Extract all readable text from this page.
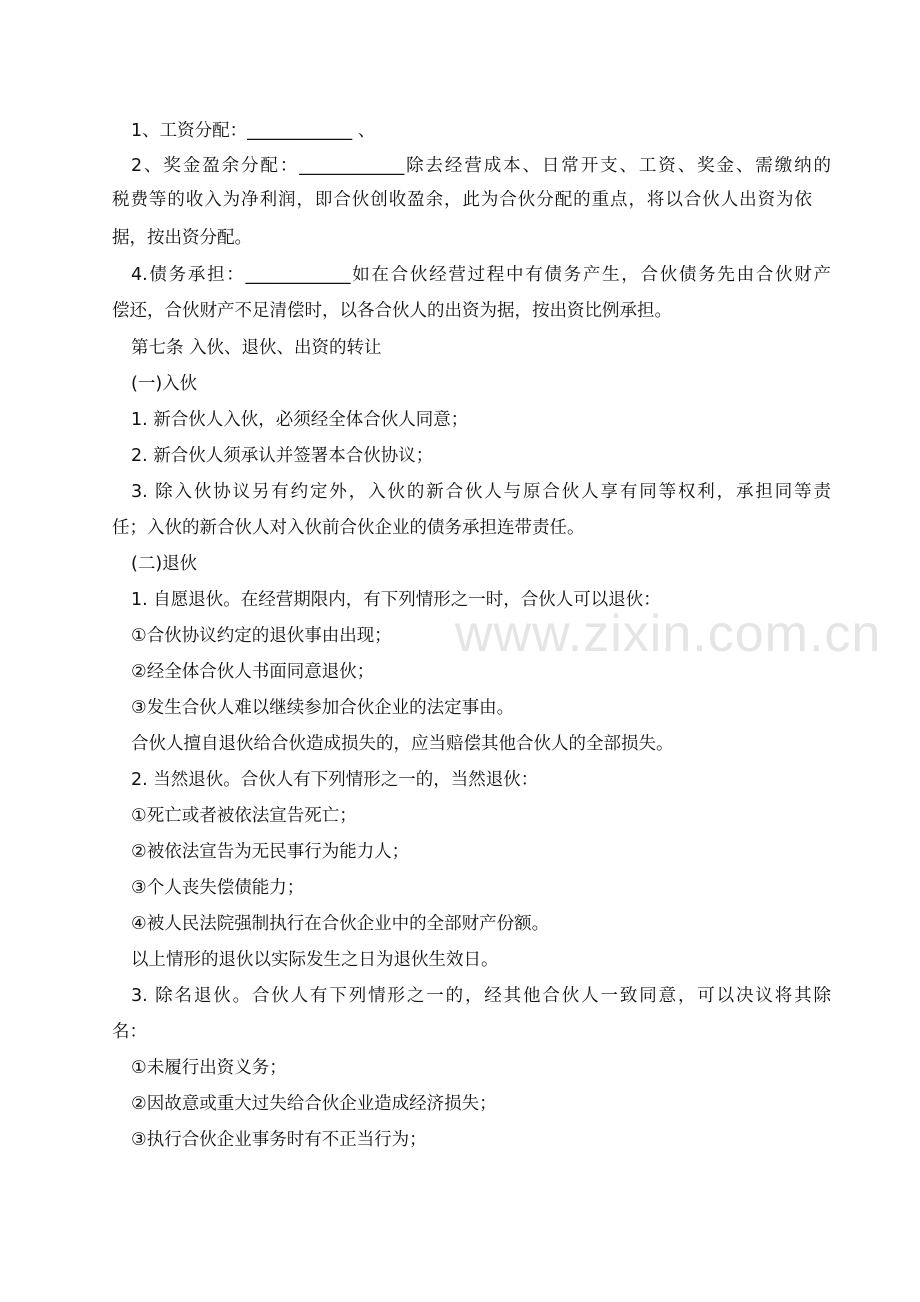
www.zixin.com.cn
1、工资分配：____________ 、
2、奖金盈余分配：____________除去经营成本、日常开支、工资、奖金、需缴纳的
税费等的收入为净利润，即合伙创收盈余，此为合伙分配的重点，将以合伙人出资为依
据，按出资分配。
4.债务承担：____________如在合伙经营过程中有债务产生，合伙债务先由合伙财产
偿还，合伙财产不足清偿时，以各合伙人的出资为据，按出资比例承担。
第七条 入伙、退伙、出资的转让
(一)入伙
1. 新合伙人入伙，必须经全体合伙人同意；
2. 新合伙人须承认并签署本合伙协议；
3. 除入伙协议另有约定外，入伙的新合伙人与原合伙人享有同等权利，承担同等责
任；入伙的新合伙人对入伙前合伙企业的债务承担连带责任。
(二)退伙
1. 自愿退伙。在经营期限内，有下列情形之一时，合伙人可以退伙：
①合伙协议约定的退伙事由出现；
②经全体合伙人书面同意退伙；
③发生合伙人难以继续参加合伙企业的法定事由。
合伙人擅自退伙给合伙造成损失的，应当赔偿其他合伙人的全部损失。
2. 当然退伙。合伙人有下列情形之一的，当然退伙：
①死亡或者被依法宣告死亡；
②被依法宣告为无民事行为能力人；
③个人丧失偿债能力；
④被人民法院强制执行在合伙企业中的全部财产份额。
以上情形的退伙以实际发生之日为退伙生效日。
3. 除名退伙。合伙人有下列情形之一的，经其他合伙人一致同意，可以决议将其除
名：
①未履行出资义务；
②因故意或重大过失给合伙企业造成经济损失；
③执行合伙企业事务时有不正当行为；
